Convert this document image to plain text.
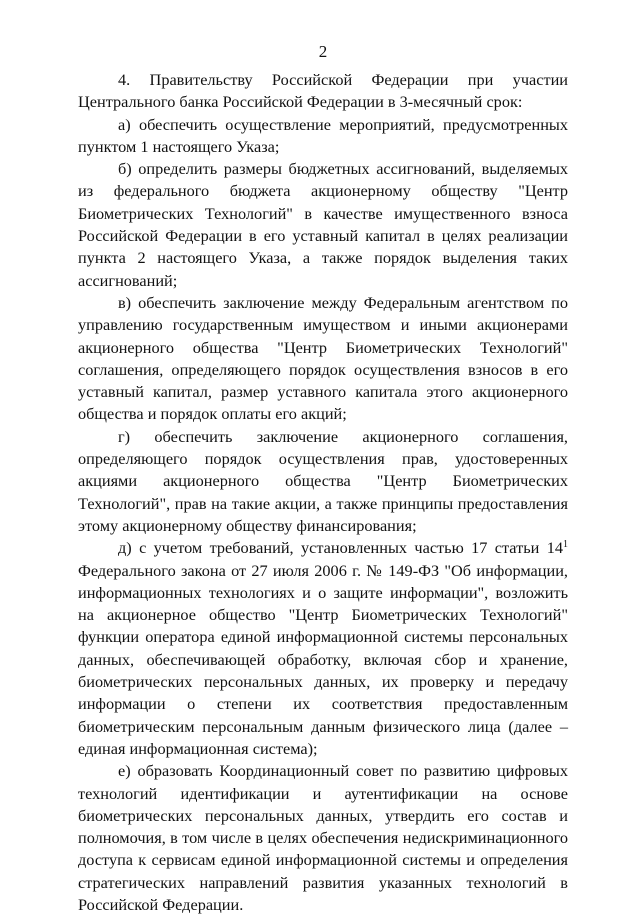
2

4. Правительству Российской Федерации при участии Центрального банка Российской Федерации в 3-месячный срок:

а) обеспечить осуществление мероприятий, предусмотренных пунктом 1 настоящего Указа;

б) определить размеры бюджетных ассигнований, выделяемых из федерального бюджета акционерному обществу "Центр Биометрических Технологий" в качестве имущественного взноса Российской Федерации в его уставный капитал в целях реализации пункта 2 настоящего Указа, а также порядок выделения таких ассигнований;

в) обеспечить заключение между Федеральным агентством по управлению государственным имуществом и иными акционерами акционерного общества "Центр Биометрических Технологий" соглашения, определяющего порядок осуществления взносов в его уставный капитал, размер уставного капитала этого акционерного общества и порядок оплаты его акций;

г) обеспечить заключение акционерного соглашения, определяющего порядок осуществления прав, удостоверенных акциями акционерного общества "Центр Биометрических Технологий", прав на такие акции, а также принципы предоставления этому акционерному обществу финансирования;

д) с учетом требований, установленных частью 17 статьи $14^1$ Федерального закона от 27 июля 2006 г. № 149-ФЗ "Об информации, информационных технологиях и о защите информации", возложить на акционерное общество "Центр Биометрических Технологий" функции оператора единой информационной системы персональных данных, обеспечивающей обработку, включая сбор и хранение, биометрических персональных данных, их проверку и передачу информации о степени их соответствия предоставленным биометрическим персональным данным физического лица (далее – единая информационная система);

е) образовать Координационный совет по развитию цифровых технологий идентификации и аутентификации на основе биометрических персональных данных, утвердить его состав и полномочия, в том числе в целях обеспечения недискриминационного доступа к сервисам единой информационной системы и определения стратегических направлений развития указанных технологий в Российской Федерации.
